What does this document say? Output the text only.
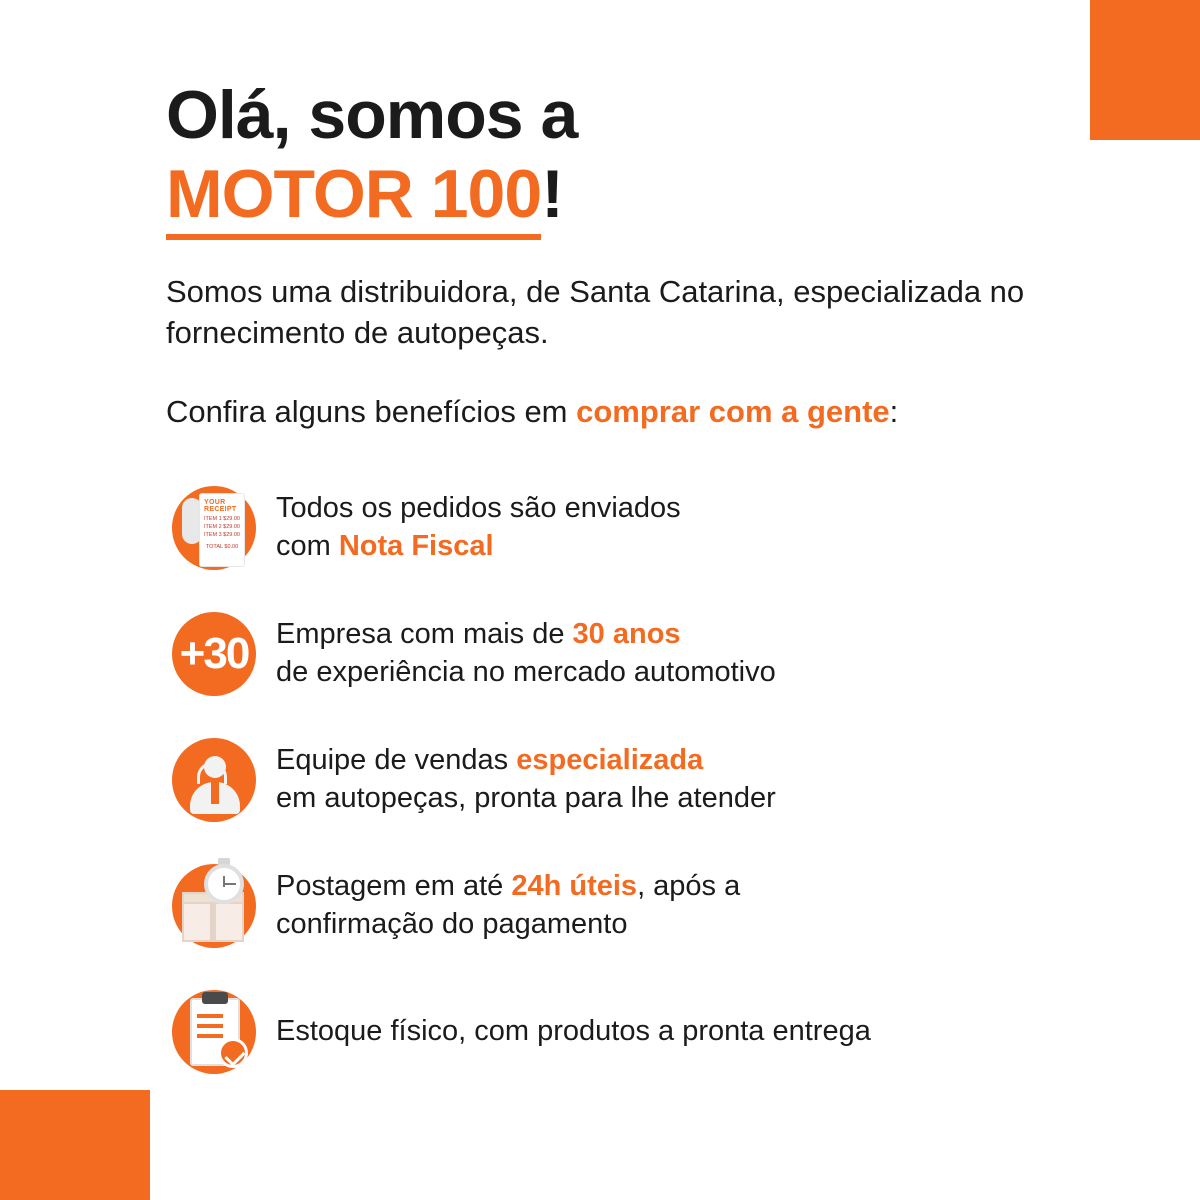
Olá, somos a
MOTOR 100!

Somos uma distribuidora, de Santa Catarina, especializada no fornecimento de autopeças.

Confira alguns benefícios em comprar com a gente:

YOUR RECEIPT
ITEM 1 $29.00
ITEM 2 $29.00
ITEM 3 $29.00
TOTAL $0.00
Todos os pedidos são enviados
com Nota Fiscal
+30 Empresa com mais de 30 anos
de experiência no mercado automotivo
Equipe de vendas especializada
em autopeças, pronta para lhe atender
Postagem em até 24h úteis, após a
confirmação do pagamento
Estoque físico, com produtos a pronta entrega
